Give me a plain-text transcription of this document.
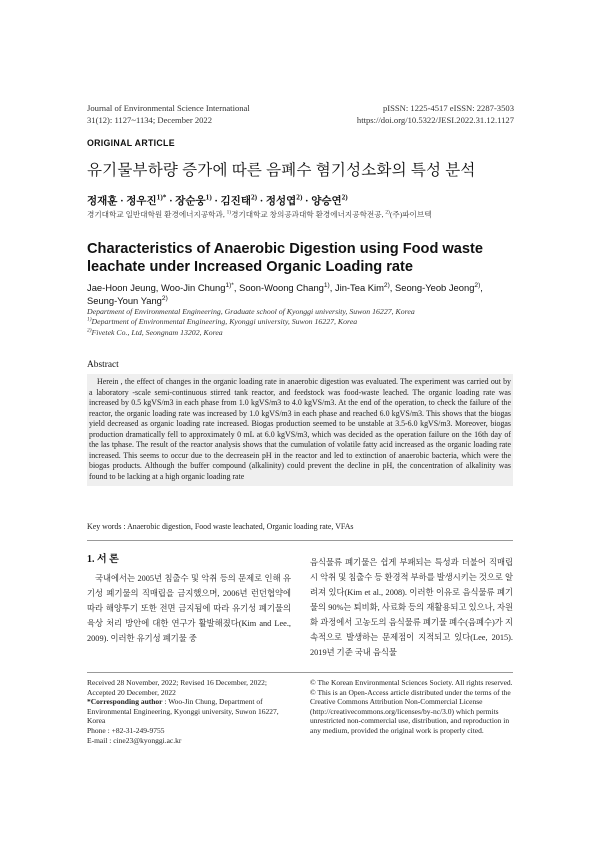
Journal of Environmental Science International
31(12): 1127~1134; December 2022
pISSN: 1225-4517 eISSN: 2287-3503
https://doi.org/10.5322/JESI.2022.31.12.1127
ORIGINAL ARTICLE
유기물부하량 증가에 따른 음폐수 혐기성소화의 특성 분석
정재훈 · 정우진$^{1)*}$ · 장순웅$^{1)}$ · 김진태$^{2)}$ · 정성엽$^{2)}$ · 양승연$^{2)}$
경기대학교 일반대학원 환경에너지공학과, $^{1)}$경기대학교 창의공과대학 환경에너지공학전공, $^{2)}$(주)파이브텍
Characteristics of Anaerobic Digestion using Food waste leachate under Increased Organic Loading rate
Jae-Hoon Jeung, Woo-Jin Chung$^{1)*}$, Soon-Woong Chang$^{1)}$, Jin-Tea Kim$^{2)}$, Seong-Yeob Jeong$^{2)}$,
Seung-Youn Yang$^{2)}$
Department of Environmental Engineering, Graduate school of Kyonggi university, Suwon 16227, Korea
$^{1)}$Department of Environmental Engineering, Kyonggi university, Suwon 16227, Korea
$^{2)}$Fivetek Co., Ltd, Seongnam 13202, Korea
Abstract

Herein , the effect of changes in the organic loading rate in anaerobic digestion was evaluated. The experiment was carried out by a laboratory -scale semi-continuous stirred tank reactor, and feedstock was food-waste leached. The organic loading rate was increased by 0.5 kgVS/m3 in each phase from 1.0 kgVS/m3 to 4.0 kgVS/m3. At the end of the operation, to check the failure of the reactor, the organic loading rate was increased by 1.0 kgVS/m3 in each phase and reached 6.0 kgVS/m3. This shows that the biogas yield decreased as organic loading rate increased. Biogas production seemed to be unstable at 3.5-6.0 kgVS/m3. Moreover, biogas production dramatically fell to approximately 0 mL at 6.0 kgVS/m3, which was decided as the operation failure on the 16th day of the las tphase. The result of the reactor analysis shows that the cumulation of volatile fatty acid increased as the organic loading rate increased. This seems to occur due to the decreasein pH in the reactor and led to extinction of anaerobic bacteria, which were the biogas products. Although the buffer compound (alkalinity) could prevent the decline in pH, the concentration of alkalinity was found to be lacking at a high organic loading rate

Key words : Anaerobic digestion, Food waste leachated, Organic loading rate, VFAs
1. 서 론
국내에서는 2005년 침출수 및 악취 등의 문제로 인해 유기성 폐기물의 직매립을 금지했으며, 2006년 런던협약에 따라 해양투기 또한 전면 금지됨에 따라 유기성 폐기물의 육상 처리 방안에 대한 연구가 활발해졌다(Kim and Lee., 2009). 이러한 유기성 폐기물 중
음식물류 폐기물은 쉽게 부패되는 특성과 더불어 직매립 시 악취 및 침출수 등 환경적 부하를 발생시키는 것으로 알려져 있다(Kim et al., 2008). 이러한 이유로 음식물류 폐기물의 90%는 퇴비화, 사료화 등의 재활용되고 있으나, 자원화 과정에서 고농도의 음식물류 폐기물 폐수(음폐수)가 지속적으로 발생하는 문제점이 지적되고 있다(Lee, 2015). 2019년 기준 국내 음식물
Received 28 November, 2022; Revised 16 December, 2022;
Accepted 20 December, 2022
*Corresponding author : Woo-Jin Chung, Department of Environmental Engineering, Kyonggi university, Suwon 16227, Korea
Phone : +82-31-249-9755
E-mail : cine23@kyonggi.ac.kr
© The Korean Environmental Sciences Society. All rights reserved.
© This is an Open-Access article distributed under the terms of the Creative Commons Attribution Non-Commercial License (http://creativecommons.org/licenses/by-nc/3.0) which permits unrestricted non-commercial use, distribution, and reproduction in any medium, provided the original work is properly cited.
